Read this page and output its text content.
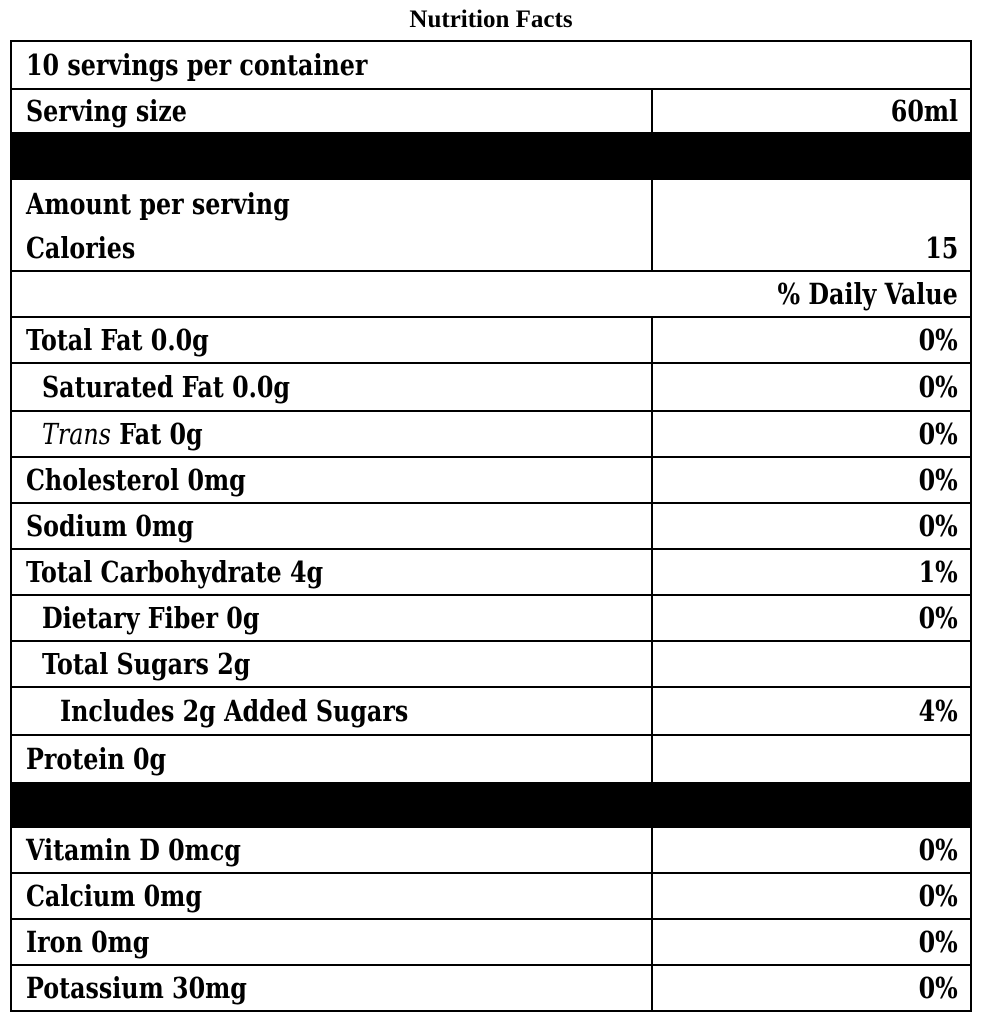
Nutrition Facts
10 servings per container
Serving size	60ml
Amount per serving
Calories	15
% Daily Value
Total Fat 0.0g	0%
Saturated Fat 0.0g	0%
Trans Fat 0g	0%
Cholesterol 0mg	0%
Sodium 0mg	0%
Total Carbohydrate 4g	1%
Dietary Fiber 0g	0%
Total Sugars 2g
Includes 2g Added Sugars	4%
Protein 0g
Vitamin D 0mcg	0%
Calcium 0mg	0%
Iron 0mg	0%
Potassium 30mg	0%
